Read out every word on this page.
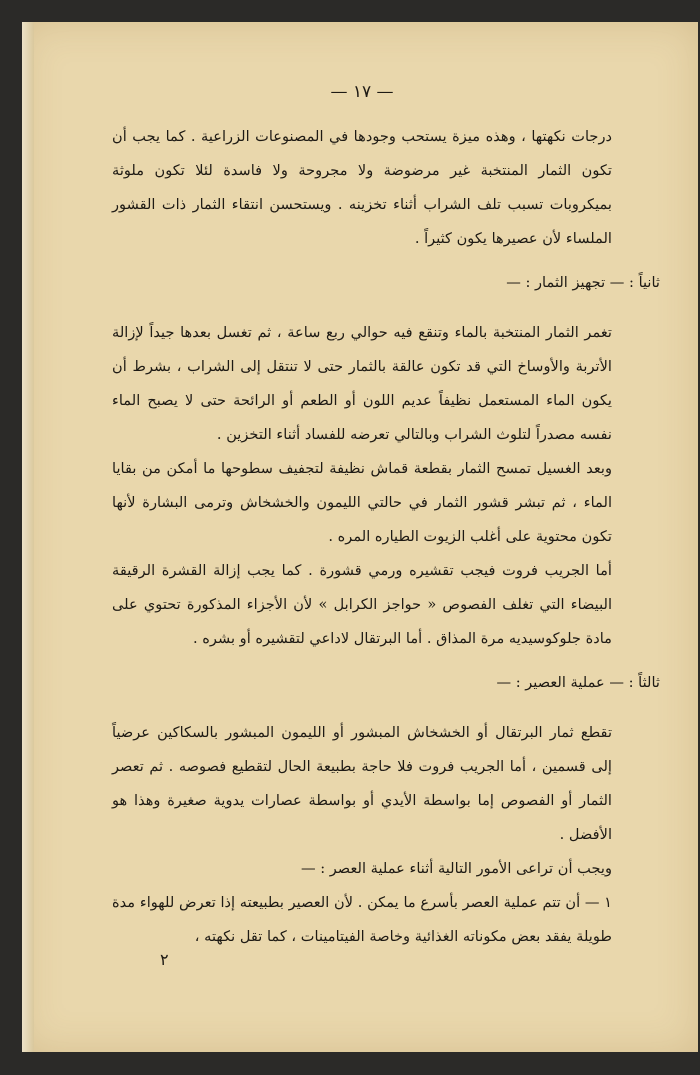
— ١٧ —

درجات نكهتها ، وهذه ميزة يستحب وجودها في المصنوعات الزراعية . كما يجب أن تكون الثمار المنتخبة غير مرضوضة ولا مجروحة ولا فاسدة لئلا تكون ملوثة بميكروبات تسبب تلف الشراب أثناء تخزينه . ويستحسن انتقاء الثمار ذات القشور الملساء لأن عصيرها يكون كثيراً .

ثانياً : — تجهيز الثمار : —

تغمر الثمار المنتخبة بالماء وتنقع فيه حوالي ربع ساعة ، ثم تغسل بعدها جيداً لإزالة الأتربة والأوساخ التي قد تكون عالقة بالثمار حتى لا تنتقل إلى الشراب ، بشرط أن يكون الماء المستعمل نظيفاً عديم اللون أو الطعم أو الرائحة حتى لا يصبح الماء نفسه مصدراً لتلوث الشراب وبالتالي تعرضه للفساد أثناء التخزين .

وبعد الغسيل تمسح الثمار بقطعة قماش نظيفة لتجفيف سطوحها ما أمكن من بقايا الماء ، ثم تبشر قشور الثمار في حالتي الليمون والخشخاش وترمى البشارة لأنها تكون محتوية على أغلب الزيوت الطياره المره .

أما الجريب فروت فيجب تقشيره ورمي قشورة . كما يجب إزالة القشرة الرقيقة البيضاء التي تغلف الفصوص « حواجز الكرابل » لأن الأجزاء المذكورة تحتوي على مادة جلوكوسيديه مرة المذاق . أما البرتقال لاداعي لتقشيره أو بشره .

ثالثاً : — عملية العصير : —

تقطع ثمار البرتقال أو الخشخاش المبشور أو الليمون المبشور بالسكاكين عرضياً إلى قسمين ، أما الجريب فروت فلا حاجة بطبيعة الحال لتقطيع فصوصه . ثم تعصر الثمار أو الفصوص إما بواسطة الأيدي أو بواسطة عصارات يدوية صغيرة وهذا هو الأفضل .

ويجب أن تراعى الأمور التالية أثناء عملية العصر : —

١ — أن تتم عملية العصر بأسرع ما يمكن . لأن العصير بطبيعته إذا تعرض للهواء مدة طويلة يفقد بعض مكوناته الغذائية وخاصة الفيتامينات ، كما تقل نكهته ،

٢
